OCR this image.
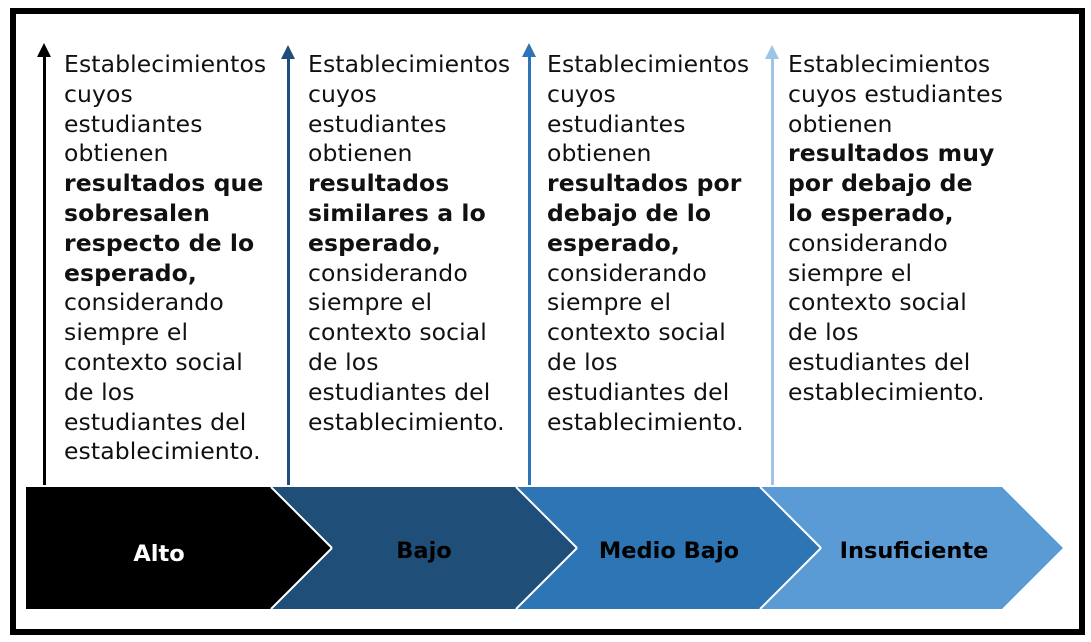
Establecimientos cuyos estudiantes obtienen resultados que sobresalen respecto de lo esperado, considerando siempre el contexto social de los estudiantes del establecimiento.
Establecimientos cuyos estudiantes obtienen resultados similares a lo esperado, considerando siempre el contexto social de los estudiantes del establecimiento.
Establecimientos cuyos estudiantes obtienen resultados por debajo de lo esperado, considerando siempre el contexto social de los estudiantes del establecimiento.
Establecimientos cuyos estudiantes obtienen resultados muy por debajo de lo esperado, considerando siempre el contexto social de los estudiantes del establecimiento.
Alto	Bajo	Medio Bajo	Insuficiente
